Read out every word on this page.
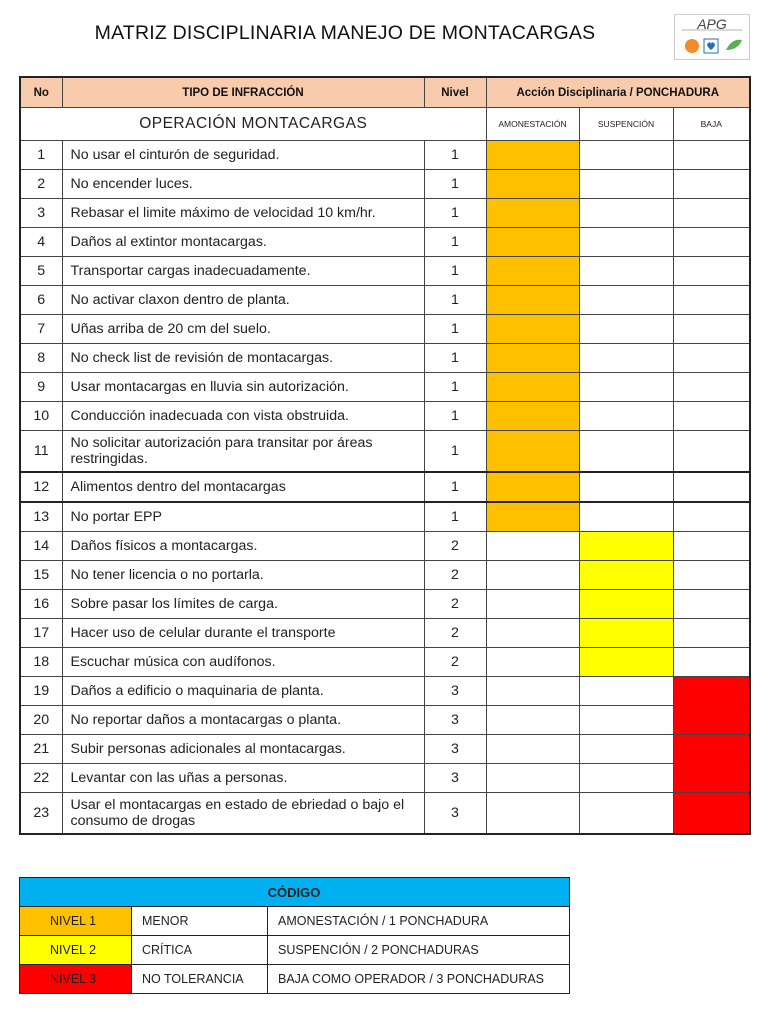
MATRIZ DISCIPLINARIA MANEJO DE MONTACARGAS	APG
No	TIPO DE INFRACCIÓN	Nivel	Acción Disciplinaria / PONCHADURA		
OPERACIÓN MONTACARGAS			AMONESTACIÓN	SUSPENCIÓN	BAJA
1	No usar el cinturón de seguridad.	1			
2	No encender luces.	1			
3	Rebasar el limite máximo de velocidad 10 km/hr.	1			
4	Daños al extintor montacargas.	1			
5	Transportar cargas inadecuadamente.	1			
6	No activar claxon dentro de planta.	1			
7	Uñas arriba de 20 cm del suelo.	1			
8	No check list de revisión de montacargas.	1			
9	Usar montacargas en lluvia sin autorización.	1			
10	Conducción inadecuada con vista obstruida.	1			
11	No solicitar autorización para transitar por áreas restringidas.	1			
12	Alimentos dentro del montacargas	1			
13	No portar EPP	1			
14	Daños físicos a montacargas.	2			
15	No tener licencia o no portarla.	2			
16	Sobre pasar los límites de carga.	2			
17	Hacer uso de celular durante el transporte	2			
18	Escuchar música con audífonos.	2			
19	Daños a edificio o maquinaria de planta.	3			
20	No reportar daños a montacargas o planta.	3			
21	Subir personas adicionales al montacargas.	3			
22	Levantar con las uñas a personas.	3			
23	Usar el montacargas en estado de ebriedad o bajo el consumo de drogas	3			
CÓDIGO		
NIVEL 1	MENOR	AMONESTACIÓN / 1 PONCHADURA
NIVEL 2	CRÍTICA	SUSPENCIÓN / 2 PONCHADURAS
NIVEL 3	NO TOLERANCIA	BAJA COMO OPERADOR / 3 PONCHADURAS
